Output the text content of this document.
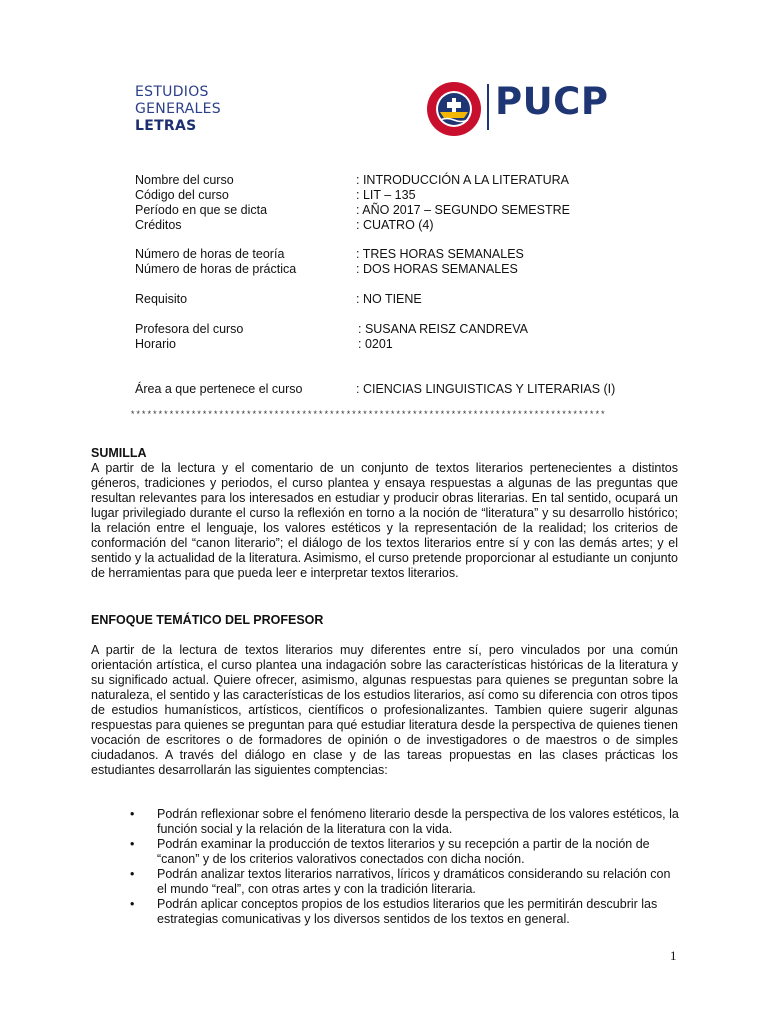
ESTUDIOS
GENERALES
LETRAS
PUCP
Nombre del curso	: INTRODUCCIÓN A LA LITERATURA
Código del curso	: LIT – 135
Período en que se dicta	: AÑO 2017 – SEGUNDO SEMESTRE
Créditos	: CUATRO (4)
Número de horas de teoría	: TRES HORAS SEMANALES
Número de horas de práctica	: DOS HORAS SEMANALES
Requisito	: NO TIENE
Profesora del curso	: SUSANA REISZ CANDREVA
Horario	: 0201
Área a que pertenece el curso	: CIENCIAS LINGUISTICAS Y LITERARIAS (I)
**************************************************************************************
SUMILLA
A partir de la lectura y el comentario de un conjunto de textos literarios pertenecientes a distintos géneros, tradiciones y periodos, el curso plantea y ensaya respuestas a algunas de las preguntas que resultan relevantes para los interesados en estudiar y producir obras literarias. En tal sentido, ocupará un lugar privilegiado durante el curso la reflexión en torno a la noción de “literatura” y su desarrollo histórico; la relación entre el lenguaje, los valores estéticos y la representación de la realidad; los criterios de conformación del “canon literario”; el diálogo de los textos literarios entre sí y con las demás artes; y el sentido y la actualidad de la literatura. Asimismo, el curso pretende proporcionar al estudiante un conjunto de herramientas para que pueda leer e interpretar textos literarios.
ENFOQUE TEMÁTICO DEL PROFESOR
A partir de la lectura de textos literarios muy diferentes entre sí, pero vinculados por una común orientación artística, el curso plantea una indagación sobre las características históricas de la literatura y su significado actual. Quiere ofrecer, asimismo, algunas respuestas para quienes se preguntan sobre la naturaleza, el sentido y las características de los estudios literarios, así como su diferencia con otros tipos de estudios humanísticos, artísticos, científicos o profesionalizantes. Tambien quiere sugerir algunas respuestas para quienes se preguntan para qué estudiar literatura desde la perspectiva de quienes tienen vocación de escritores o de formadores de opinión o de investigadores o de maestros o de simples ciudadanos. A través del diálogo en clase y de las tareas propuestas en las clases prácticas los estudiantes desarrollarán las siguientes comptencias:
• Podrán reflexionar sobre el fenómeno literario desde la perspectiva de los valores estéticos, la función social y la relación de la literatura con la vida.
• Podrán examinar la producción de textos literarios y su recepción a partir de la noción de “canon” y de los criterios valorativos conectados con dicha noción.
• Podrán analizar textos literarios narrativos, líricos y dramáticos considerando su relación con el mundo “real”, con otras artes y con la tradición literaria.
• Podrán aplicar conceptos propios de los estudios literarios que les permitirán descubrir las estrategias comunicativas y los diversos sentidos de los textos en general.
1
